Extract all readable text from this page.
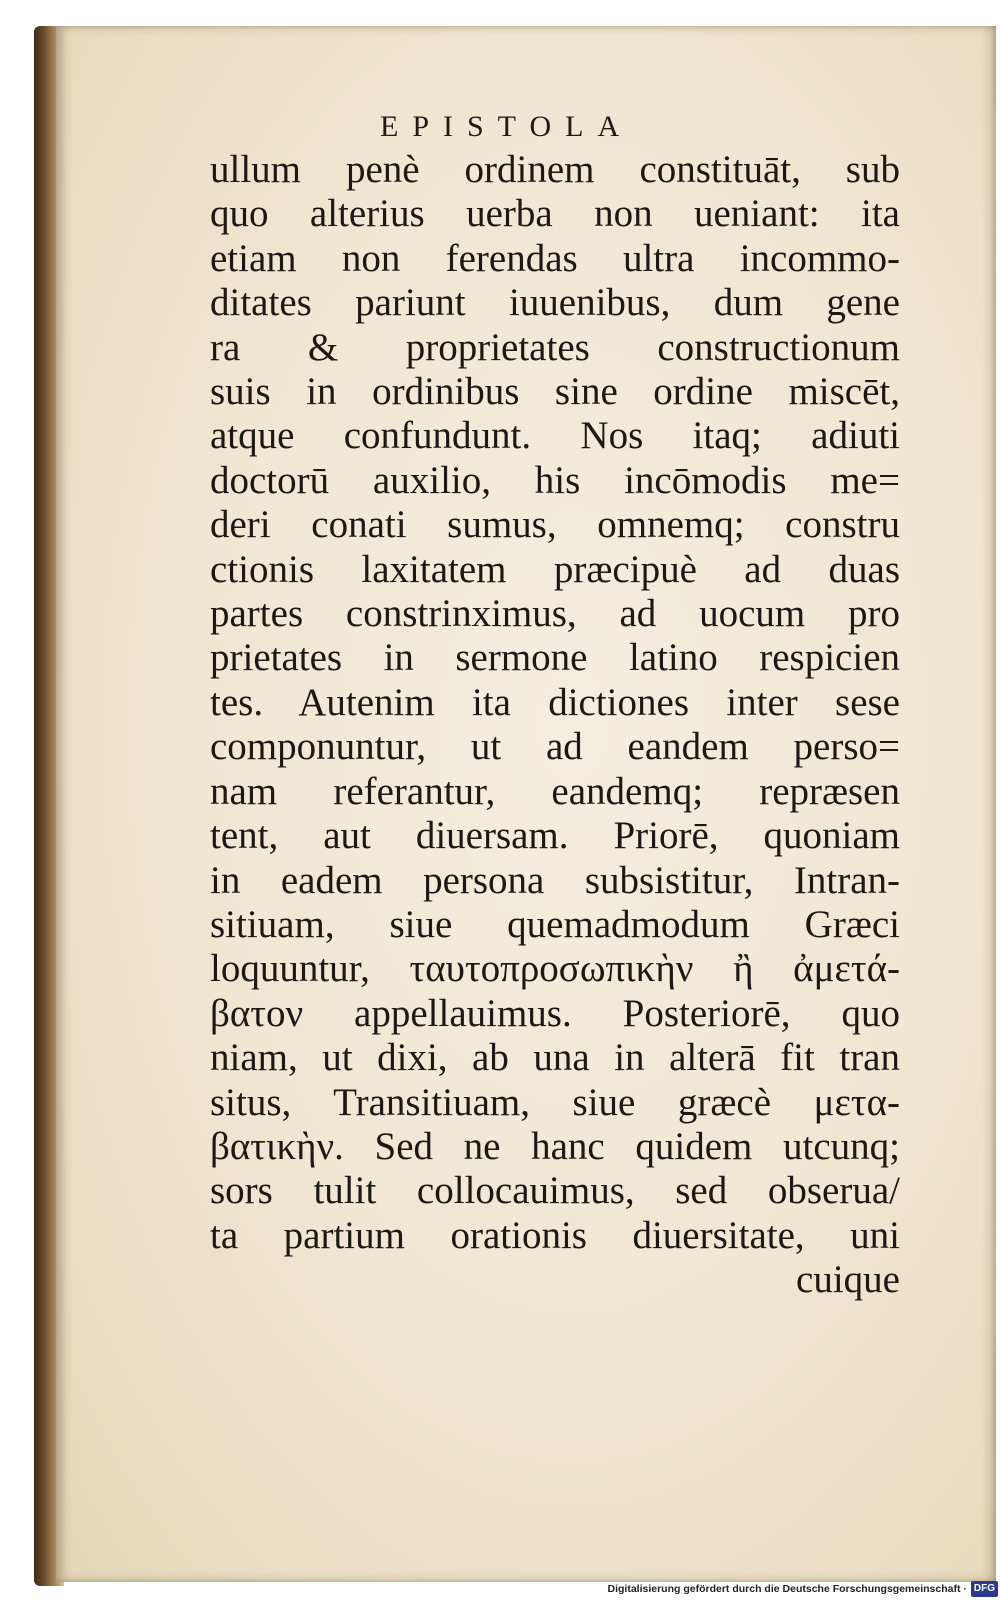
EPISTOLA
ullum penè ordinem constituāt, sub
quo alterius uerba non ueniant: ita
etiam non ferendas ultra incommo-
ditates pariunt iuuenibus, dum gene
ra & proprietates constructionum
suis in ordinibus sine ordine miscēt,
atque confundunt. Nos itaq; adiuti
doctorū auxilio, his incōmodis me=
deri conati sumus, omnemq; constru
ctionis laxitatem præcipuè ad duas
partes constrinximus, ad uocum pro
prietates in sermone latino respicien
tes. Autenim ita dictiones inter sese
componuntur, ut ad eandem perso=
nam referantur, eandemq; repræsen
tent, aut diuersam. Priorē, quoniam
in eadem persona subsistitur, Intran-
sitiuam, siue quemadmodum Græci
loquuntur, ταυτοπροσωπικὴν ἢ ἀμετά-
βατον appellauimus. Posteriorē, quo
niam, ut dixi, ab una in alterā fit tran
situs, Transitiuam, siue græcè μετα-
βατικὴν. Sed ne hanc quidem utcunq;
sors tulit collocauimus, sed obserua/
ta partium orationis diuersitate, uni
cuique
Digitalisierung gefördert durch die Deutsche Forschungsgemeinschaft · DFG
